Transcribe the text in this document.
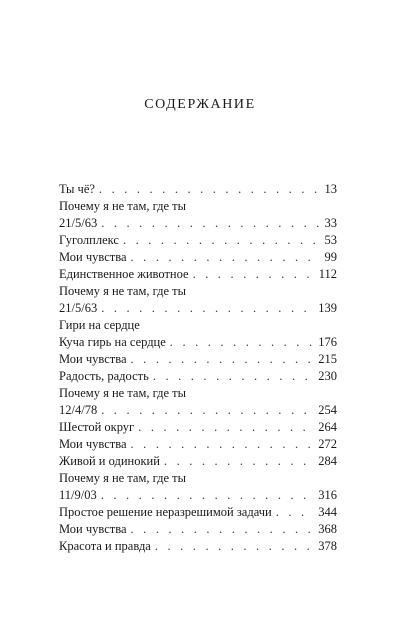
СОДЕРЖАНИЕ
Ты чё? . . .	13
Почему я не там, где ты
21/5/63 . . .	33
Гуголплекс . . .	53
Мои чувства . . .	99
Единственное животное . . .	112
Почему я не там, где ты
21/5/63 . . .	139
Гири на сердце
Куча гирь на сердце . . .	176
Мои чувства . . .	215
Радость, радость . . .	230
Почему я не там, где ты
12/4/78 . . .	254
Шестой округ . . .	264
Мои чувства . . .	272
Живой и одинокий . . .	284
Почему я не там, где ты
11/9/03 . . .	316
Простое решение неразрешимой задачи . . .	344
Мои чувства . . .	368
Красота и правда . . .	378
